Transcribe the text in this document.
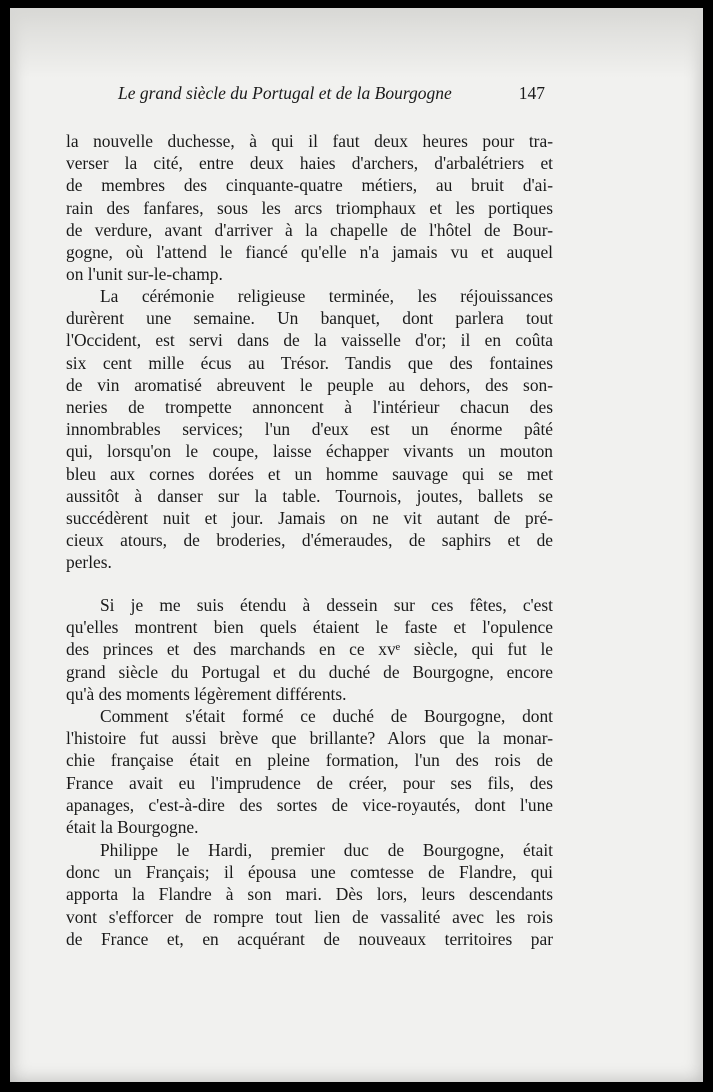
Le grand siècle du Portugal et de la Bourgogne	147
la nouvelle duchesse, à qui il faut deux heures pour tra-
verser la cité, entre deux haies d'archers, d'arbalétriers et
de membres des cinquante-quatre métiers, au bruit d'ai-
rain des fanfares, sous les arcs triomphaux et les portiques
de verdure, avant d'arriver à la chapelle de l'hôtel de Bour-
gogne, où l'attend le fiancé qu'elle n'a jamais vu et auquel
on l'unit sur-le-champ.
La cérémonie religieuse terminée, les réjouissances
durèrent une semaine. Un banquet, dont parlera tout
l'Occident, est servi dans de la vaisselle d'or; il en coûta
six cent mille écus au Trésor. Tandis que des fontaines
de vin aromatisé abreuvent le peuple au dehors, des son-
neries de trompette annoncent à l'intérieur chacun des
innombrables services; l'un d'eux est un énorme pâté
qui, lorsqu'on le coupe, laisse échapper vivants un mouton
bleu aux cornes dorées et un homme sauvage qui se met
aussitôt à danser sur la table. Tournois, joutes, ballets se
succédèrent nuit et jour. Jamais on ne vit autant de pré-
cieux atours, de broderies, d'émeraudes, de saphirs et de
perles.
Si je me suis étendu à dessein sur ces fêtes, c'est
qu'elles montrent bien quels étaient le faste et l'opulence
des princes et des marchands en ce xvᵉ siècle, qui fut le
grand siècle du Portugal et du duché de Bourgogne, encore
qu'à des moments légèrement différents.
Comment s'était formé ce duché de Bourgogne, dont
l'histoire fut aussi brève que brillante? Alors que la monar-
chie française était en pleine formation, l'un des rois de
France avait eu l'imprudence de créer, pour ses fils, des
apanages, c'est-à-dire des sortes de vice-royautés, dont l'une
était la Bourgogne.
Philippe le Hardi, premier duc de Bourgogne, était
donc un Français; il épousa une comtesse de Flandre, qui
apporta la Flandre à son mari. Dès lors, leurs descendants
vont s'efforcer de rompre tout lien de vassalité avec les rois
de France et, en acquérant de nouveaux territoires par
